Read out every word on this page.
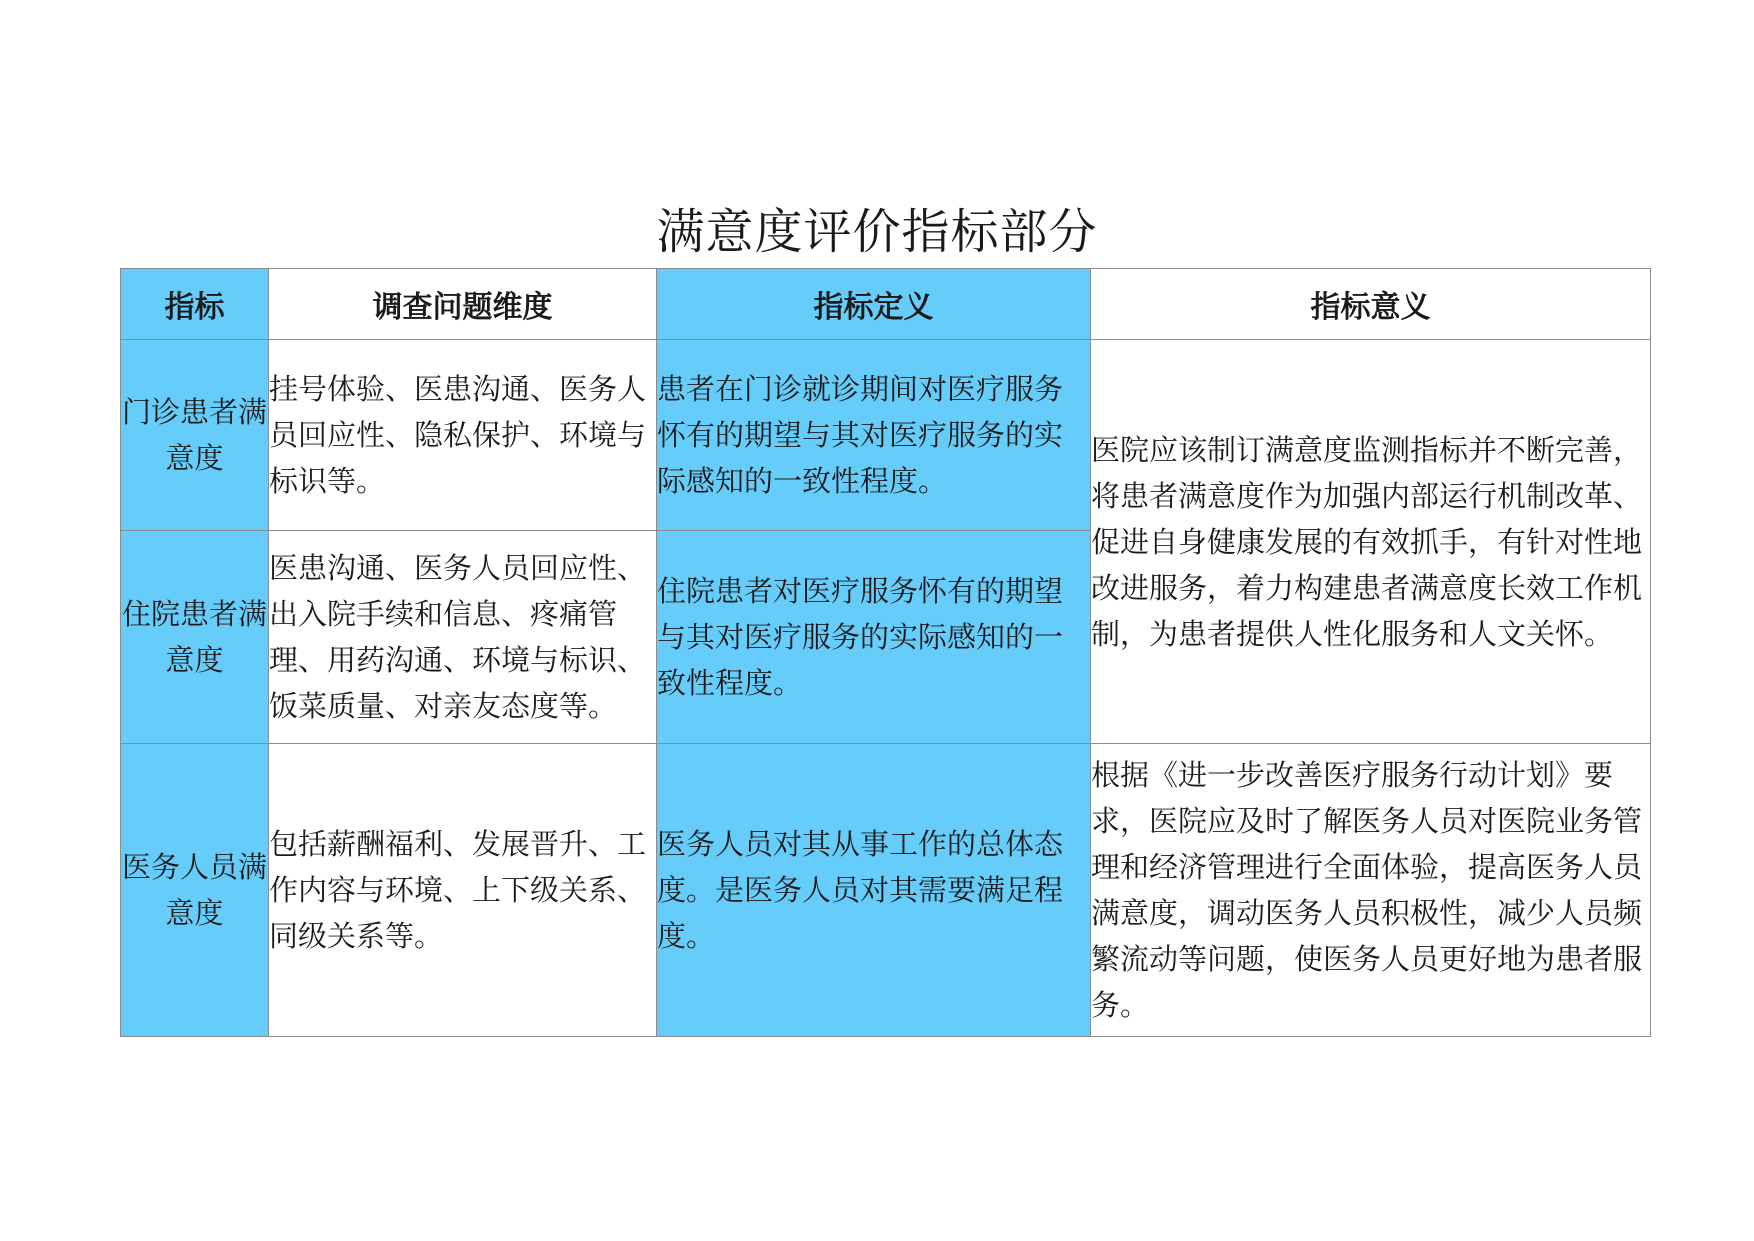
满意度评价指标部分
指标	调查问题维度	指标定义	指标意义
门诊患者满意度	挂号体验、医患沟通、医务人员回应性、隐私保护、环境与标识等。	患者在门诊就诊期间对医疗服务怀有的期望与其对医疗服务的实际感知的一致性程度。	医院应该制订满意度监测指标并不断完善，将患者满意度作为加强内部运行机制改革、促进自身健康发展的有效抓手，有针对性地改进服务，着力构建患者满意度长效工作机制，为患者提供人性化服务和人文关怀。
住院患者满意度	医患沟通、医务人员回应性、出入院手续和信息、疼痛管理、用药沟通、环境与标识、饭菜质量、对亲友态度等。	住院患者对医疗服务怀有的期望与其对医疗服务的实际感知的一致性程度。	
医务人员满意度	包括薪酬福利、发展晋升、工作内容与环境、上下级关系、同级关系等。	医务人员对其从事工作的总体态度。是医务人员对其需要满足程度。	根据《进一步改善医疗服务行动计划》要求，医院应及时了解医务人员对医院业务管理和经济管理进行全面体验，提高医务人员满意度，调动医务人员积极性，减少人员频繁流动等问题，使医务人员更好地为患者服务。
